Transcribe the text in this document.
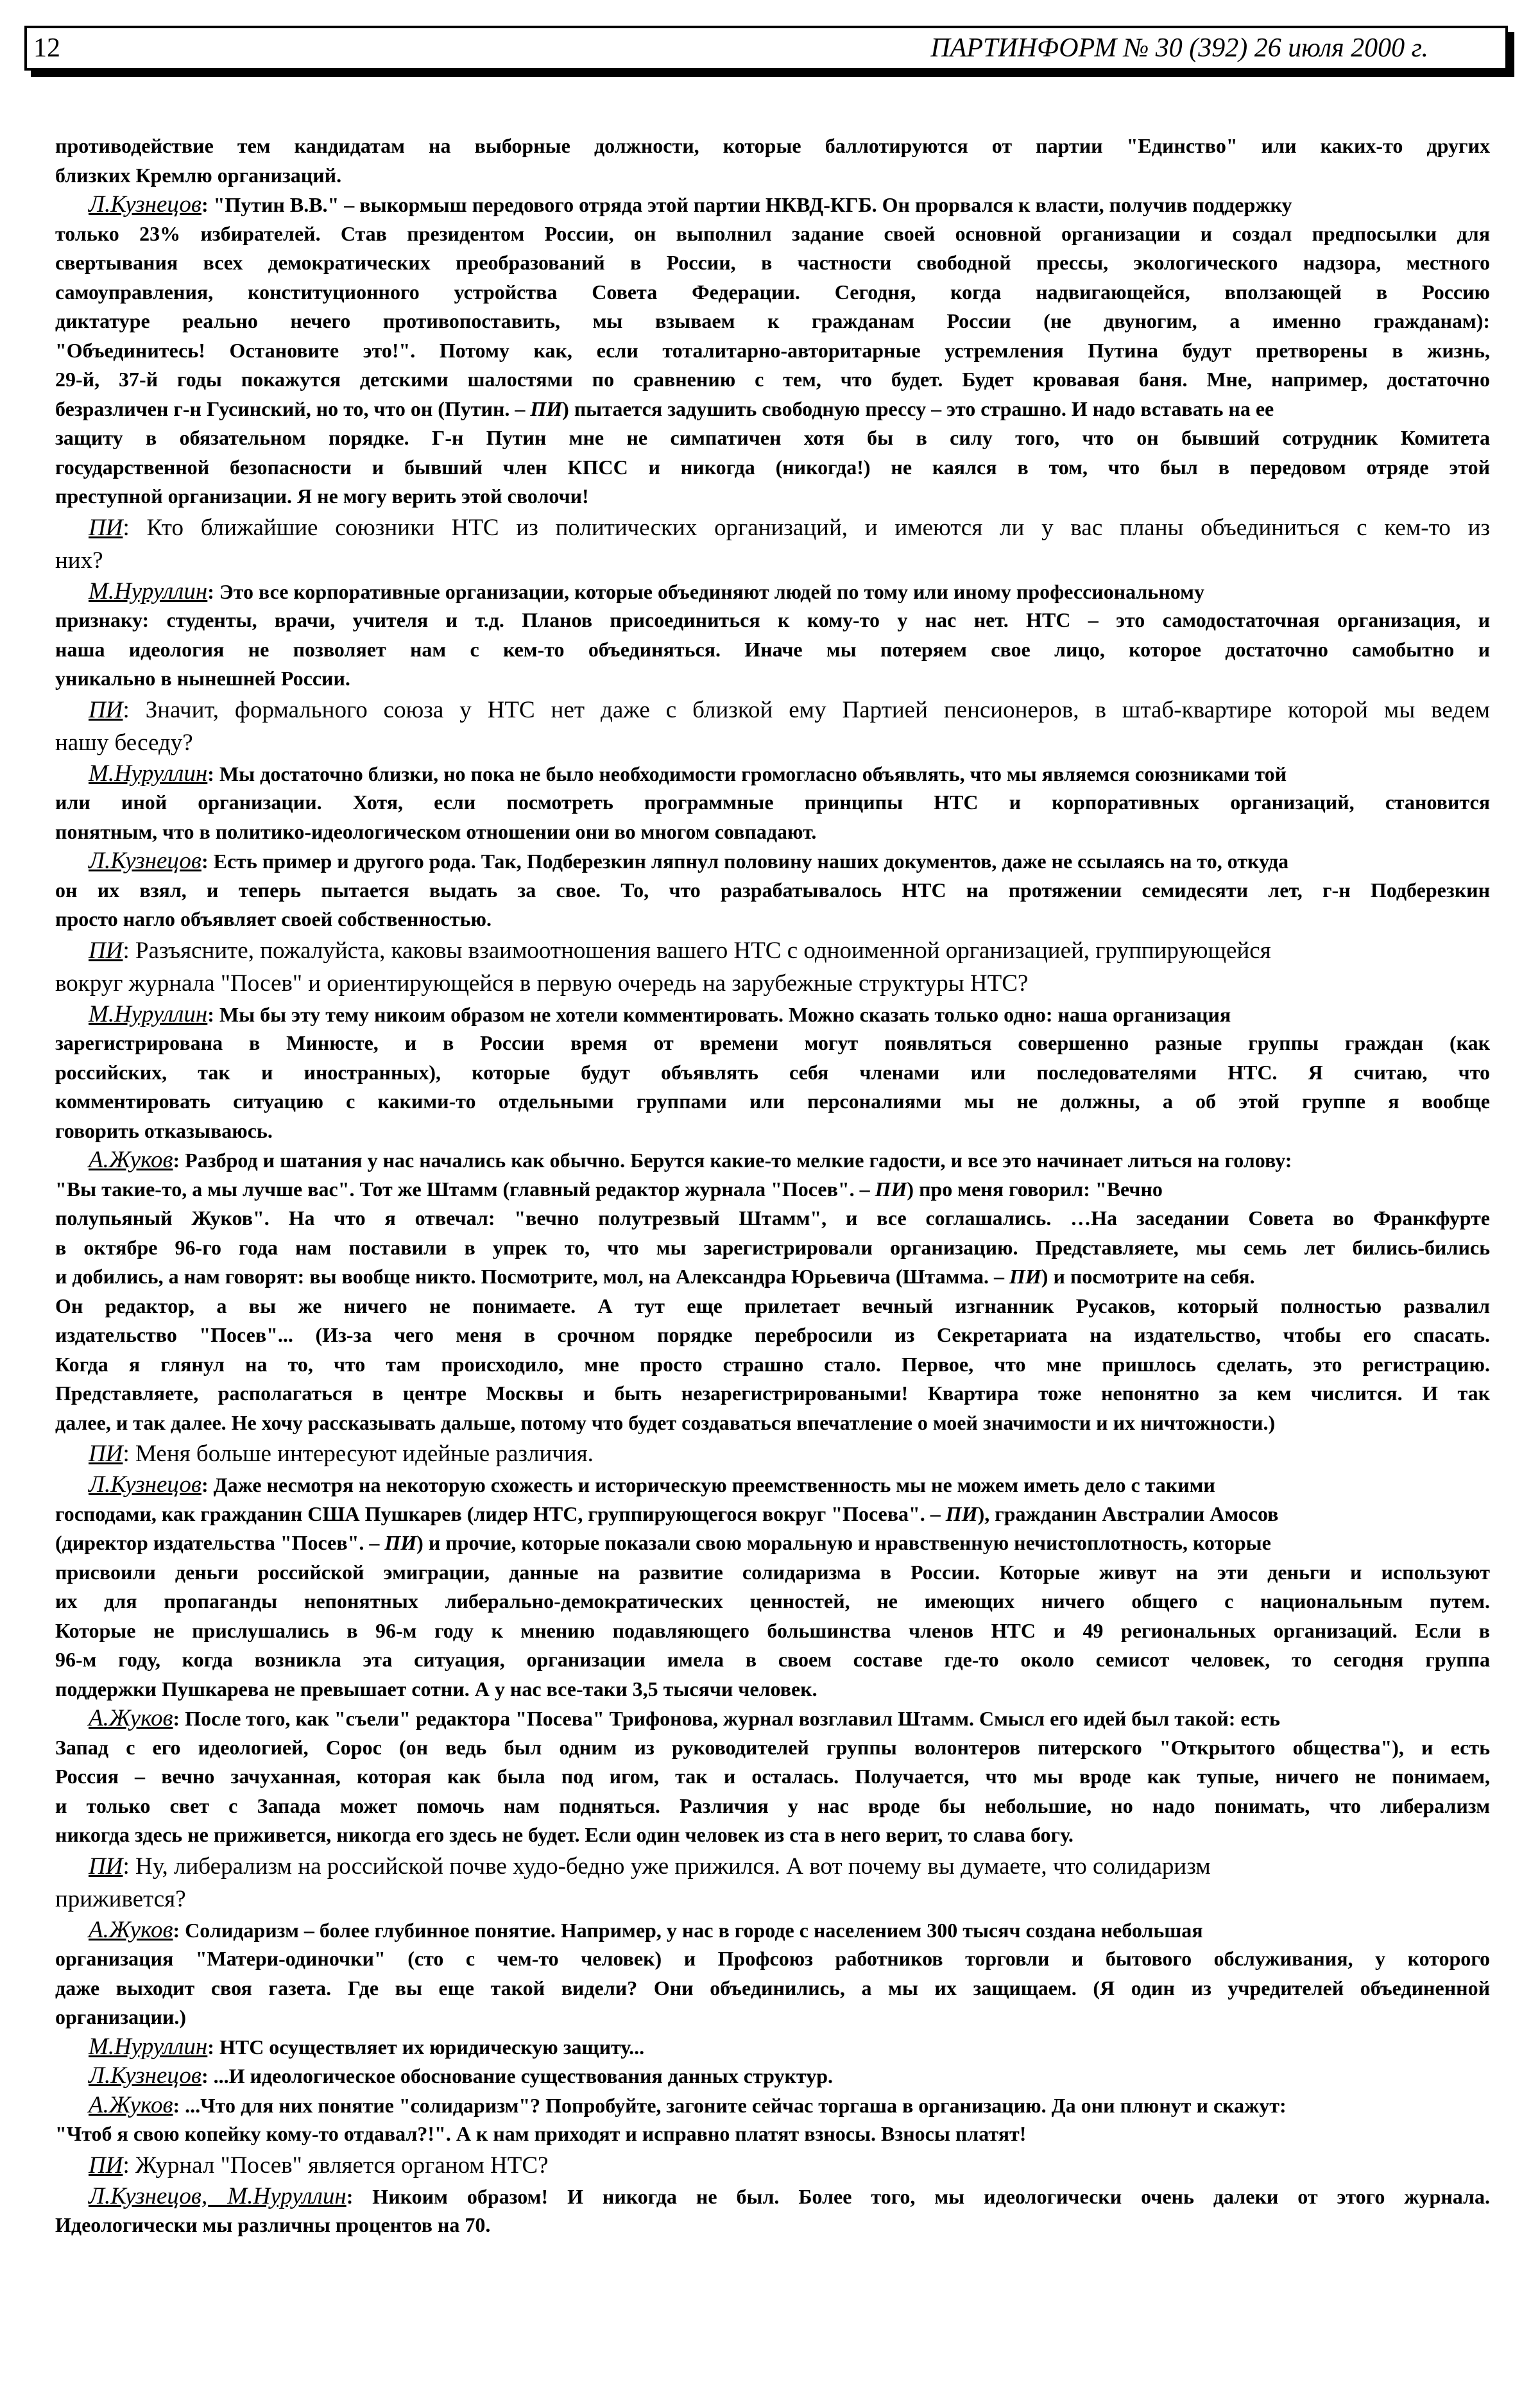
12	ПАРТИНФОРМ № 30 (392) 26 июля 2000 г.
противодействие тем кандидатам на выборные должности, которые баллотируются от партии "Единство" или каких-то других
близких Кремлю организаций.
Л.Кузнецов: "Путин В.В." – выкормыш передового отряда этой партии НКВД-КГБ. Он прорвался к власти, получив поддержку
только 23% избирателей. Став президентом России, он выполнил задание своей основной организации и создал предпосылки для
свертывания всех демократических преобразований в России, в частности свободной прессы, экологического надзора, местного
самоуправления, конституционного устройства Совета Федерации. Сегодня, когда надвигающейся, вползающей в Россию
диктатуре реально нечего противопоставить, мы взываем к гражданам России (не двуногим, а именно гражданам):
"Объединитесь! Остановите это!". Потому как, если тоталитарно-авторитарные устремления Путина будут претворены в жизнь,
29-й, 37-й годы покажутся детскими шалостями по сравнению с тем, что будет. Будет кровавая баня. Мне, например, достаточно
безразличен г-н Гусинский, но то, что он (Путин. – ПИ) пытается задушить свободную прессу – это страшно. И надо вставать на ее
защиту в обязательном порядке. Г-н Путин мне не симпатичен хотя бы в силу того, что он бывший сотрудник Комитета
государственной безопасности и бывший член КПСС и никогда (никогда!) не каялся в том, что был в передовом отряде этой
преступной организации. Я не могу верить этой сволочи!
ПИ: Кто ближайшие союзники НТС из политических организаций, и имеются ли у вас планы объединиться с кем-то из
них?
М.Нуруллин: Это все корпоративные организации, которые объединяют людей по тому или иному профессиональному
признаку: студенты, врачи, учителя и т.д. Планов присоединиться к кому-то у нас нет. НТС – это самодостаточная организация, и
наша идеология не позволяет нам с кем-то объединяться. Иначе мы потеряем свое лицо, которое достаточно самобытно и
уникально в нынешней России.
ПИ: Значит, формального союза у НТС нет даже с близкой ему Партией пенсионеров, в штаб-квартире которой мы ведем
нашу беседу?
М.Нуруллин: Мы достаточно близки, но пока не было необходимости громогласно объявлять, что мы являемся союзниками той
или иной организации. Хотя, если посмотреть программные принципы НТС и корпоративных организаций, становится
понятным, что в политико-идеологическом отношении они во многом совпадают.
Л.Кузнецов: Есть пример и другого рода. Так, Подберезкин ляпнул половину наших документов, даже не ссылаясь на то, откуда
он их взял, и теперь пытается выдать за свое. То, что разрабатывалось НТС на протяжении семидесяти лет, г-н Подберезкин
просто нагло объявляет своей собственностью.
ПИ: Разъясните, пожалуйста, каковы взаимоотношения вашего НТС с одноименной организацией, группирующейся
вокруг журнала "Посев" и ориентирующейся в первую очередь на зарубежные структуры НТС?
М.Нуруллин: Мы бы эту тему никоим образом не хотели комментировать. Можно сказать только одно: наша организация
зарегистрирована в Минюсте, и в России время от времени могут появляться совершенно разные группы граждан (как
российских, так и иностранных), которые будут объявлять себя членами или последователями НТС. Я считаю, что
комментировать ситуацию с какими-то отдельными группами или персоналиями мы не должны, а об этой группе я вообще
говорить отказываюсь.
А.Жуков: Разброд и шатания у нас начались как обычно. Берутся какие-то мелкие гадости, и все это начинает литься на голову:
"Вы такие-то, а мы лучше вас". Тот же Штамм (главный редактор журнала "Посев". – ПИ) про меня говорил: "Вечно
полупьяный Жуков". На что я отвечал: "вечно полутрезвый Штамм", и все соглашались. …На заседании Совета во Франкфурте
в октябре 96-го года нам поставили в упрек то, что мы зарегистрировали организацию. Представляете, мы семь лет бились-бились
и добились, а нам говорят: вы вообще никто. Посмотрите, мол, на Александра Юрьевича (Штамма. – ПИ) и посмотрите на себя.
Он редактор, а вы же ничего не понимаете. А тут еще прилетает вечный изгнанник Русаков, который полностью развалил
издательство "Посев"... (Из-за чего меня в срочном порядке перебросили из Секретариата на издательство, чтобы его спасать.
Когда я глянул на то, что там происходило, мне просто страшно стало. Первое, что мне пришлось сделать, это регистрацию.
Представляете, располагаться в центре Москвы и быть незарегистрироваными! Квартира тоже непонятно за кем числится. И так
далее, и так далее. Не хочу рассказывать дальше, потому что будет создаваться впечатление о моей значимости и их ничтожности.)
ПИ: Меня больше интересуют идейные различия.
Л.Кузнецов: Даже несмотря на некоторую схожесть и историческую преемственность мы не можем иметь дело с такими
господами, как гражданин США Пушкарев (лидер НТС, группирующегося вокруг "Посева". – ПИ), гражданин Австралии Амосов
(директор издательства "Посев". – ПИ) и прочие, которые показали свою моральную и нравственную нечистоплотность, которые
присвоили деньги российской эмиграции, данные на развитие солидаризма в России. Которые живут на эти деньги и используют
их для пропаганды непонятных либерально-демократических ценностей, не имеющих ничего общего с национальным путем.
Которые не прислушались в 96-м году к мнению подавляющего большинства членов НТС и 49 региональных организаций. Если в
96-м году, когда возникла эта ситуация, организации имела в своем составе где-то около семисот человек, то сегодня группа
поддержки Пушкарева не превышает сотни. А у нас все-таки 3,5 тысячи человек.
А.Жуков: После того, как "съели" редактора "Посева" Трифонова, журнал возглавил Штамм. Смысл его идей был такой: есть
Запад с его идеологией, Сорос (он ведь был одним из руководителей группы волонтеров питерского "Открытого общества"), и есть
Россия – вечно зачуханная, которая как была под игом, так и осталась. Получается, что мы вроде как тупые, ничего не понимаем,
и только свет с Запада может помочь нам подняться. Различия у нас вроде бы небольшие, но надо понимать, что либерализм
никогда здесь не приживется, никогда его здесь не будет. Если один человек из ста в него верит, то слава богу.
ПИ: Ну, либерализм на российской почве худо-бедно уже прижился. А вот почему вы думаете, что солидаризм
приживется?
А.Жуков: Солидаризм – более глубинное понятие. Например, у нас в городе с населением 300 тысяч создана небольшая
организация "Матери-одиночки" (сто с чем-то человек) и Профсоюз работников торговли и бытового обслуживания, у которого
даже выходит своя газета. Где вы еще такой видели? Они объединились, а мы их защищаем. (Я один из учредителей объединенной
организации.)
М.Нуруллин: НТС осуществляет их юридическую защиту...
Л.Кузнецов: ...И идеологическое обоснование существования данных структур.
А.Жуков: ...Что для них понятие "солидаризм"? Попробуйте, загоните сейчас торгаша в организацию. Да они плюнут и скажут:
"Чтоб я свою копейку кому-то отдавал?!". А к нам приходят и исправно платят взносы. Взносы платят!
ПИ: Журнал "Посев" является органом НТС?
Л.Кузнецов, М.Нуруллин: Никоим образом! И никогда не был. Более того, мы идеологически очень далеки от этого журнала.
Идеологически мы различны процентов на 70.
